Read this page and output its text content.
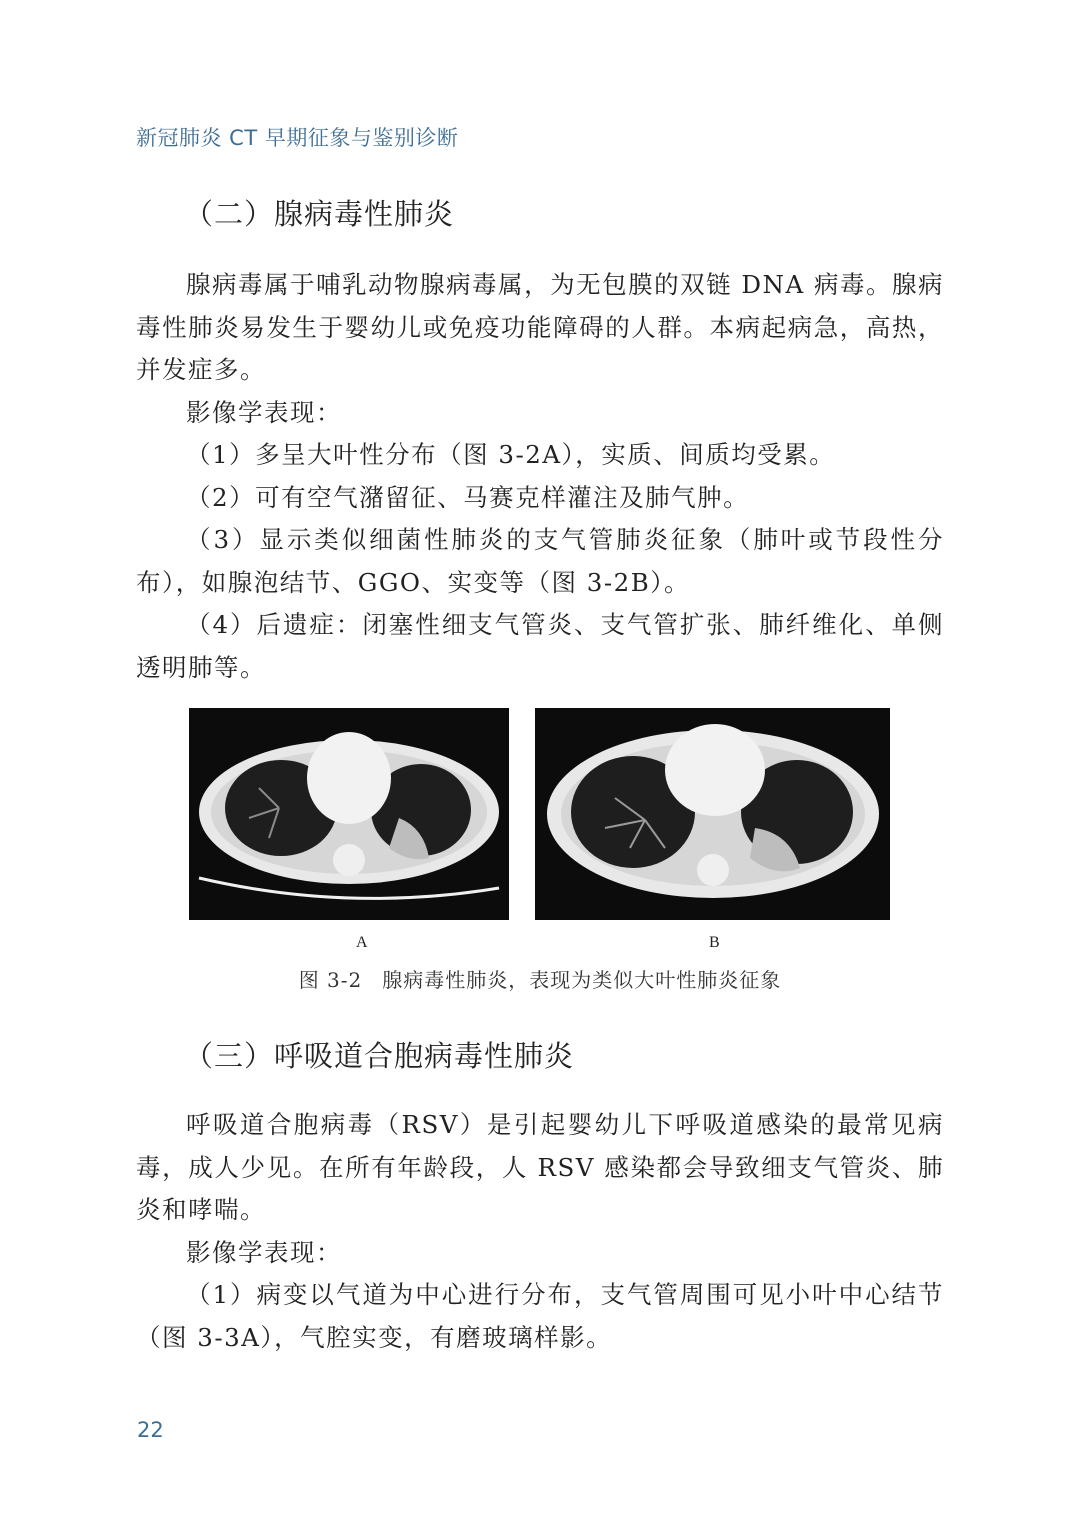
新冠肺炎 CT 早期征象与鉴别诊断
（二）腺病毒性肺炎

腺病毒属于哺乳动物腺病毒属，为无包膜的双链 DNA 病毒。腺病毒性肺炎易发生于婴幼儿或免疫功能障碍的人群。本病起病急，高热，并发症多。

影像学表现：

（1）多呈大叶性分布（图 3-2A），实质、间质均受累。

（2）可有空气潴留征、马赛克样灌注及肺气肿。

（3）显示类似细菌性肺炎的支气管肺炎征象（肺叶或节段性分布），如腺泡结节、GGO、实变等（图 3-2B）。

（4）后遗症：闭塞性细支气管炎、支气管扩张、肺纤维化、单侧透明肺等。

A	B
图 3-2 腺病毒性肺炎，表现为类似大叶性肺炎征象
（三）呼吸道合胞病毒性肺炎

呼吸道合胞病毒（RSV）是引起婴幼儿下呼吸道感染的最常见病毒，成人少见。在所有年龄段，人 RSV 感染都会导致细支气管炎、肺炎和哮喘。

影像学表现：

（1）病变以气道为中心进行分布，支气管周围可见小叶中心结节（图 3-3A），气腔实变，有磨玻璃样影。

22
